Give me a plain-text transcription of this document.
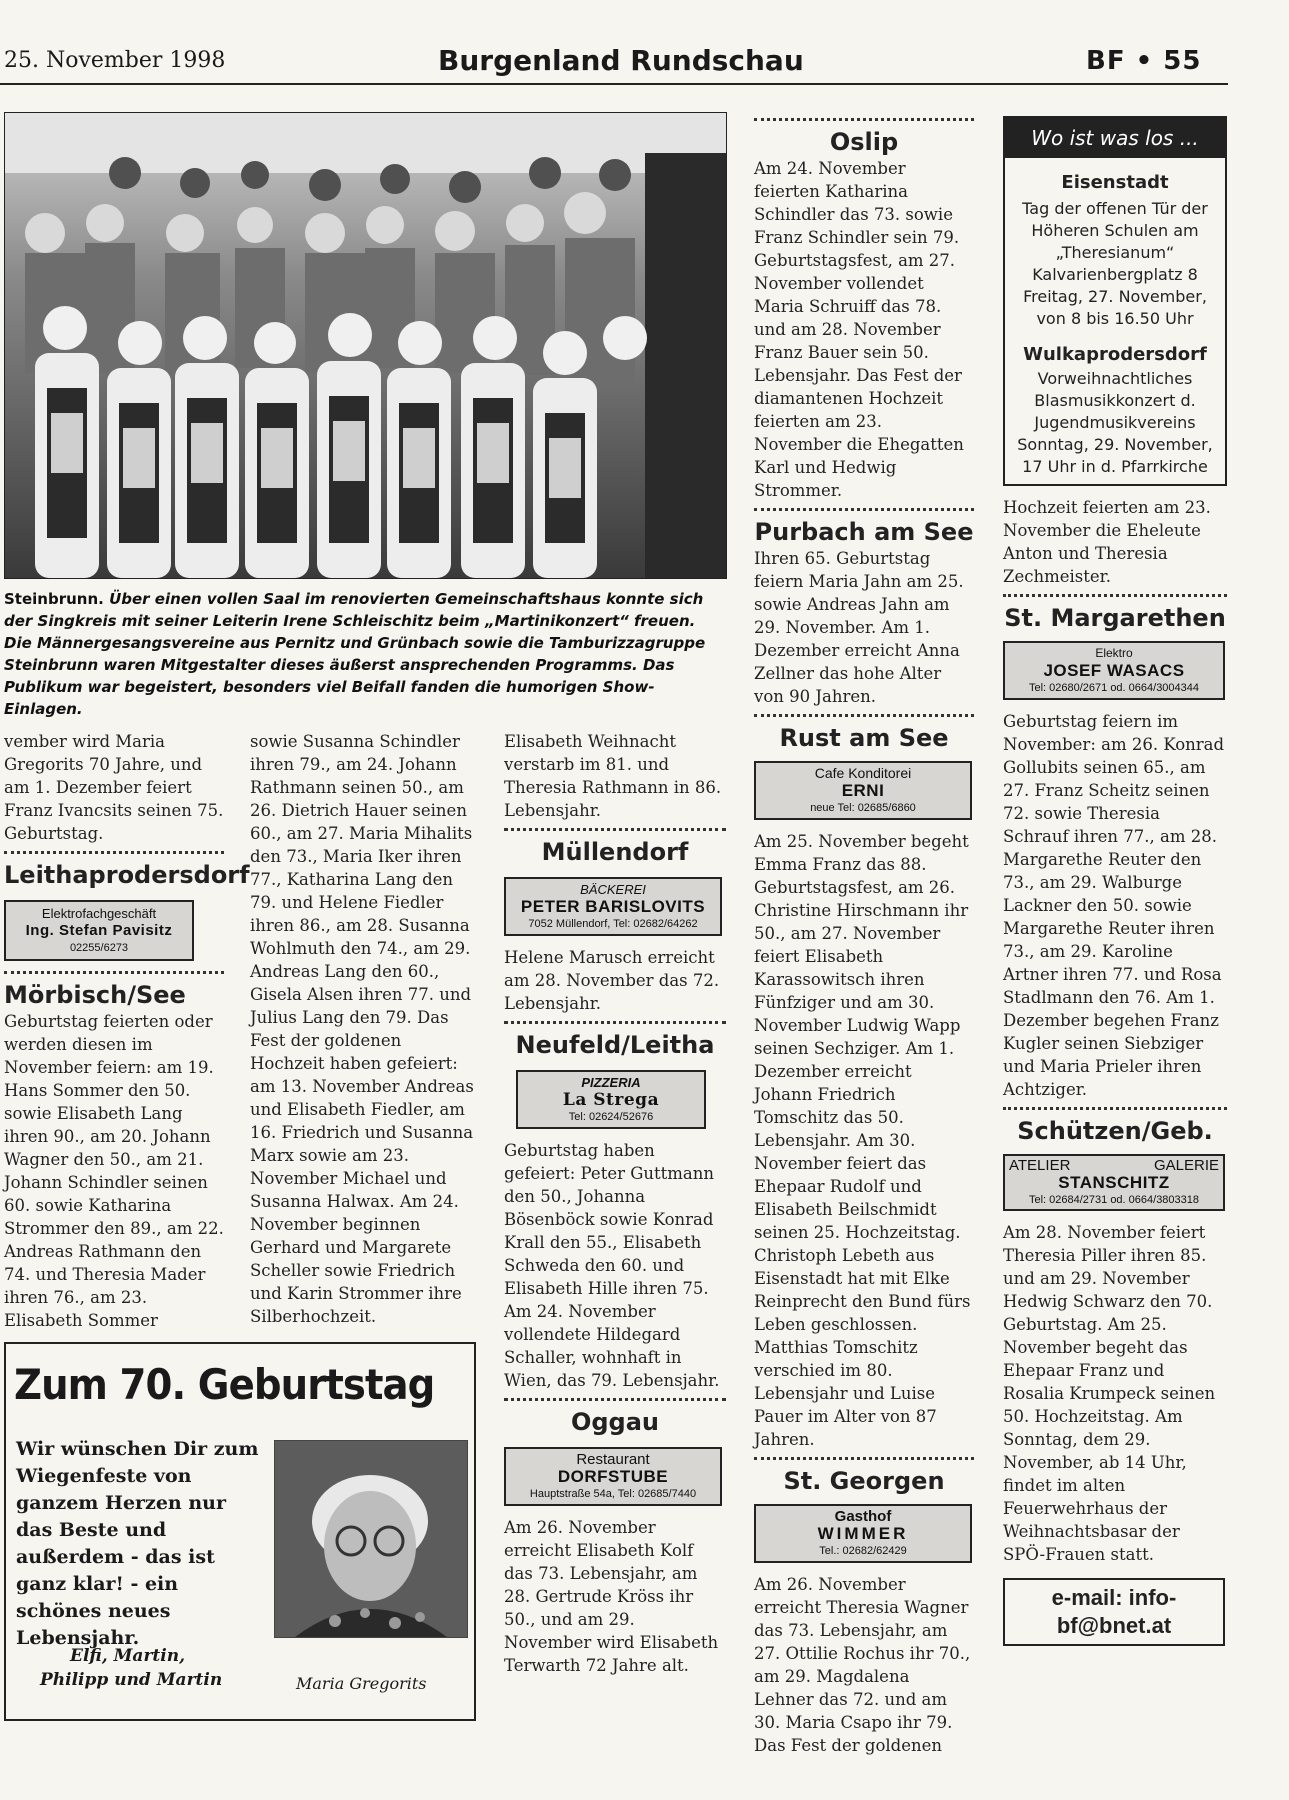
25. November 1998	Burgenland Rundschau	BF • 55
Steinbrunn. Über einen vollen Saal im renovierten Gemeinschaftshaus konnte sich der Singkreis mit seiner Leiterin Irene Schleischitz beim „Martinikonzert“ freuen. Die Männergesangsvereine aus Pernitz und Grünbach sowie die Tamburizzagruppe Steinbrunn waren Mitgestalter dieses äußerst ansprechenden Programms. Das Publikum war begeistert, besonders viel Beifall fanden die humorigen Show-Einlagen.

vember wird Maria Gregorits 70 Jahre, und am 1. Dezember feiert Franz Ivancsits seinen 75. Geburtstag.

Leithaprodersdorf
Elektrofachgeschäft
Ing. Stefan Pavisitz
02255/6273
Mörbisch/See

Geburtstag feierten oder werden diesen im November feiern: am 19. Hans Sommer den 50. sowie Elisabeth Lang ihren 90., am 20. Johann Wagner den 50., am 21. Johann Schindler seinen 60. sowie Katharina Strommer den 89., am 22. Andreas Rathmann den 74. und Theresia Mader ihren 76., am 23. Elisabeth Sommer

sowie Susanna Schindler ihren 79., am 24. Johann Rathmann seinen 50., am 26. Dietrich Hauer seinen 60., am 27. Maria Mihalits den 73., Maria Iker ihren 77., Katharina Lang den 79. und Helene Fiedler ihren 86., am 28. Susanna Wohlmuth den 74., am 29. Andreas Lang den 60., Gisela Alsen ihren 77. und Julius Lang den 79. Das Fest der goldenen Hochzeit haben gefeiert: am 13. November Andreas und Elisabeth Fiedler, am 16. Friedrich und Susanna Marx sowie am 23. November Michael und Susanna Halwax. Am 24. November beginnen Gerhard und Margarete Scheller sowie Friedrich und Karin Strommer ihre Silberhochzeit.

Zum 70. Geburtstag
Wir wünschen Dir zum Wiegenfeste von ganzem Herzen nur das Beste und außerdem - das ist ganz klar! - ein schönes neues Lebensjahr.
Elfi, Martin,
Philipp und Martin	Maria Gregorits

Elisabeth Weihnacht verstarb im 81. und Theresia Rathmann in 86. Lebensjahr.

Müllendorf
BÄCKEREI
PETER BARISLOVITS
7052 Müllendorf, Tel: 02682/64262

Helene Marusch erreicht am 28. November das 72. Lebensjahr.

Neufeld/Leitha
PIZZERIA
La Strega
Tel: 02624/52676

Geburtstag haben gefeiert: Peter Guttmann den 50., Johanna Bösenböck sowie Konrad Krall den 55., Elisabeth Schweda den 60. und Elisabeth Hille ihren 75. Am 24. November vollendete Hildegard Schaller, wohnhaft in Wien, das 79. Lebensjahr.

Oggau
Restaurant
DORFSTUBE
Hauptstraße 54a, Tel: 02685/7440

Am 26. November erreicht Elisabeth Kolf das 73. Lebensjahr, am 28. Gertrude Kröss ihr 50., und am 29. November wird Elisabeth Terwarth 72 Jahre alt.

Oslip

Am 24. November feierten Katharina Schindler das 73. sowie Franz Schindler sein 79. Geburtstagsfest, am 27. November vollendet Maria Schruiff das 78. und am 28. November Franz Bauer sein 50. Lebensjahr. Das Fest der diamantenen Hochzeit feierten am 23. November die Ehegatten Karl und Hedwig Strommer.

Purbach am See

Ihren 65. Geburtstag feiern Maria Jahn am 25. sowie Andreas Jahn am 29. November. Am 1. Dezember erreicht Anna Zellner das hohe Alter von 90 Jahren.

Rust am See
Cafe Konditorei
ERNI
neue Tel: 02685/6860

Am 25. November begeht Emma Franz das 88. Geburtstagsfest, am 26. Christine Hirschmann ihr 50., am 27. November feiert Elisabeth Karassowitsch ihren Fünfziger und am 30. November Ludwig Wapp seinen Sechziger. Am 1. Dezember erreicht Johann Friedrich Tomschitz das 50. Lebensjahr. Am 30. November feiert das Ehepaar Rudolf und Elisabeth Beilschmidt seinen 25. Hochzeitstag. Christoph Lebeth aus Eisenstadt hat mit Elke Reinprecht den Bund fürs Leben geschlossen. Matthias Tomschitz verschied im 80. Lebensjahr und Luise Pauer im Alter von 87 Jahren.

St. Georgen
Gasthof
WIMMER
Tel.: 02682/62429

Am 26. November erreicht Theresia Wagner das 73. Lebensjahr, am 27. Ottilie Rochus ihr 70., am 29. Magdalena Lehner das 72. und am 30. Maria Csapo ihr 79. Das Fest der goldenen

Wo ist was los ...
Eisenstadt
Tag der offenen Tür der Höheren Schulen am „Theresianum“ Kalvarienbergplatz 8 Freitag, 27. November, von 8 bis 16.50 Uhr
Wulkaprodersdorf
Vorweihnachtliches Blasmusikkonzert d. Jugendmusikvereins Sonntag, 29. November, 17 Uhr in d. Pfarrkirche

Hochzeit feierten am 23. November die Eheleute Anton und Theresia Zechmeister.

St. Margarethen
Elektro
JOSEF WASACS
Tel: 02680/2671 od. 0664/3004344

Geburtstag feiern im November: am 26. Konrad Gollubits seinen 65., am 27. Franz Scheitz seinen 72. sowie Theresia Schrauf ihren 77., am 28. Margarethe Reuter den 73., am 29. Walburge Lackner den 50. sowie Margarethe Reuter ihren 73., am 29. Karoline Artner ihren 77. und Rosa Stadlmann den 76. Am 1. Dezember begehen Franz Kugler seinen Siebziger und Maria Prieler ihren Achtziger.

Schützen/Geb.
ATELIER	GALERIE
STANSCHITZ
Tel: 02684/2731 od. 0664/3803318

Am 28. November feiert Theresia Piller ihren 85. und am 29. November Hedwig Schwarz den 70. Geburtstag. Am 25. November begeht das Ehepaar Franz und Rosalia Krumpeck seinen 50. Hochzeitstag. Am Sonntag, dem 29. November, ab 14 Uhr, findet im alten Feuerwehrhaus der Weihnachtsbasar der SPÖ-Frauen statt.

e-mail: info-bf@bnet.at
